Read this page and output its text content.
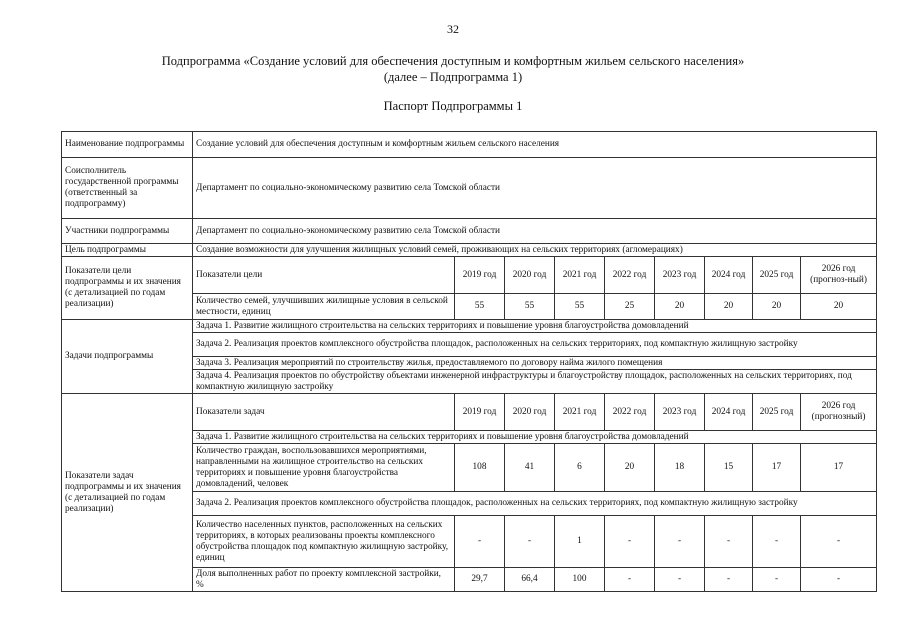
32
Подпрограмма «Создание условий для обеспечения доступным и комфортным жильем сельского населения»
(далее – Подпрограмма 1)
Паспорт Подпрограммы 1
Наименование подпрограммы	Создание условий для обеспечения доступным и комфортным жильем сельского населения								
Соисполнитель государственной программы (ответственный за подпрограмму)	Департамент по социально-экономическому развитию села Томской области								
Участники подпрограммы	Департамент по социально-экономическому развитию села Томской области								
Цель подпрограммы	Создание возможности для улучшения жилищных условий семей, проживающих на сельских территориях (агломерациях)								
Показатели цели подпрограммы и их значения (с детализацией по годам реализации)	Показатели цели	2019 год	2020 год	2021 год	2022 год	2023 год	2024 год	2025 год	2026 год (прогноз-ный)
	Количество семей, улучшивших жилищные условия в сельской местности, единиц	55	55	55	25	20	20	20	20
Задачи подпрограммы	Задача 1. Развитие жилищного строительства на сельских территориях и повышение уровня благоустройства домовладений								
	Задача 2. Реализация проектов комплексного обустройства площадок, расположенных на сельских территориях, под компактную жилищную застройку								
	Задача 3. Реализация мероприятий по строительству жилья, предоставляемого по договору найма жилого помещения								
	Задача 4. Реализация проектов по обустройству объектами инженерной инфраструктуры и благоустройству площадок, расположенных на сельских территориях, под компактную жилищную застройку								
Показатели задач подпрограммы и их значения (с детализацией по годам реализации)	Показатели задач	2019 год	2020 год	2021 год	2022 год	2023 год	2024 год	2025 год	2026 год (прогнозный)
	Задача 1. Развитие жилищного строительства на сельских территориях и повышение уровня благоустройства домовладений								
	Количество граждан, воспользовавшихся мероприятиями, направленными на жилищное строительство на сельских территориях и повышение уровня благоустройства домовладений, человек	108	41	6	20	18	15	17	17
	Задача 2. Реализация проектов комплексного обустройства площадок, расположенных на сельских территориях, под компактную жилищную застройку								
	Количество населенных пунктов, расположенных на сельских территориях, в которых реализованы проекты комплексного обустройства площадок под компактную жилищную застройку, единиц	-	-	1	-	-	-	-	-
	Доля выполненных работ по проекту комплексной застройки, %	29,7	66,4	100	-	-	-	-	-
